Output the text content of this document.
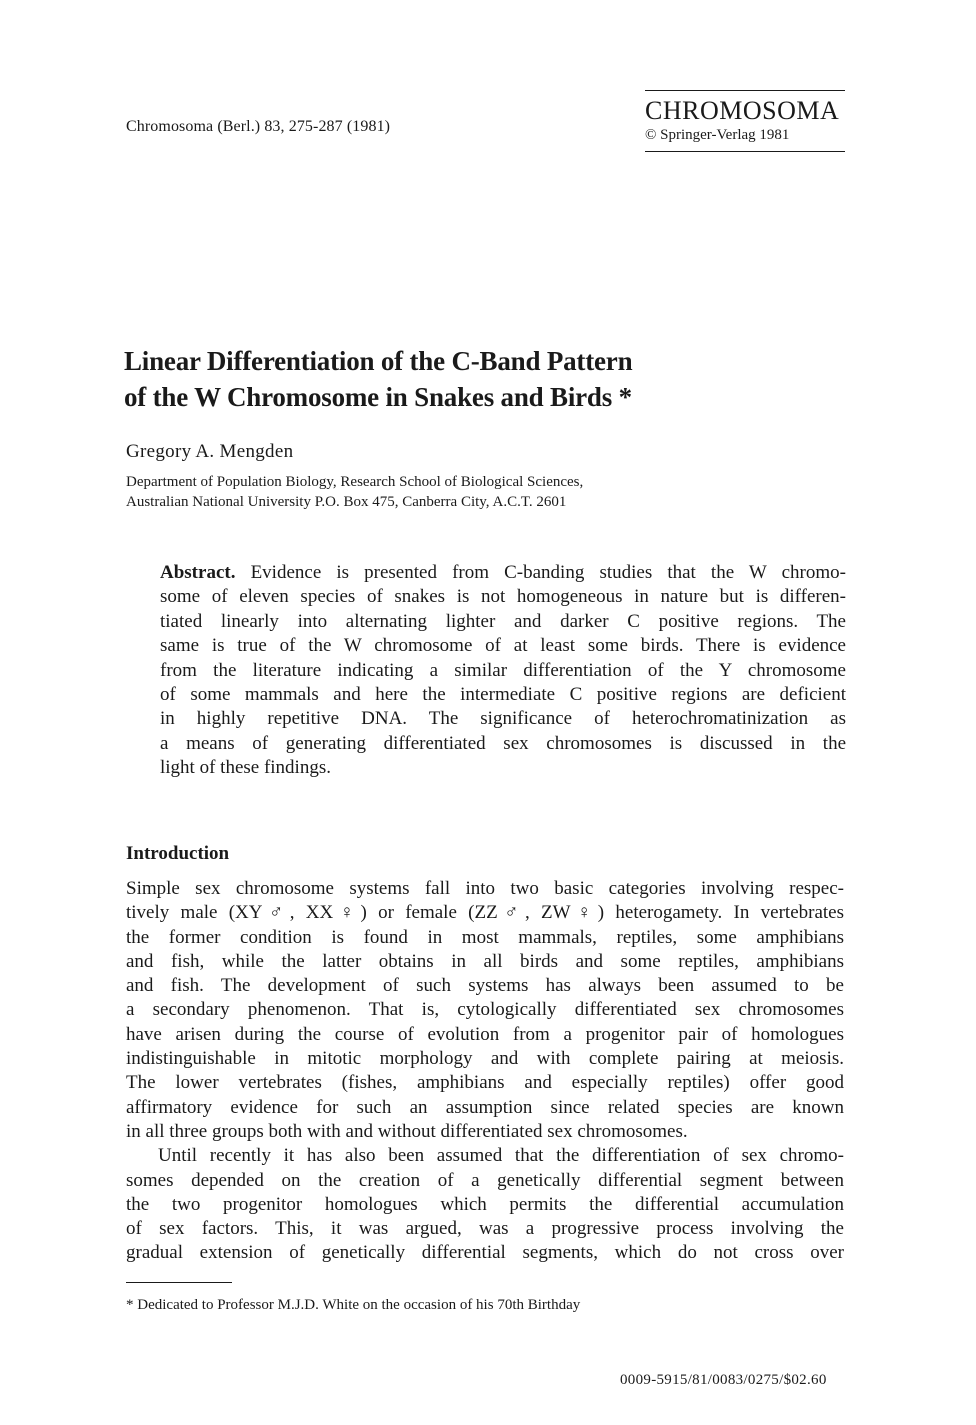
Chromosoma (Berl.) 83, 275-287 (1981)
CHROMOSOMA
© Springer-Verlag 1981
Linear Differentiation of the C-Band Pattern
of the W Chromosome in Snakes and Birds *
Gregory A. Mengden
Department of Population Biology, Research School of Biological Sciences,
Australian National University P.O. Box 475, Canberra City, A.C.T. 2601
Abstract. Evidence is presented from C-banding studies that the W chromo-
some of eleven species of snakes is not homogeneous in nature but is differen-
tiated linearly into alternating lighter and darker C positive regions. The
same is true of the W chromosome of at least some birds. There is evidence
from the literature indicating a similar differentiation of the Y chromosome
of some mammals and here the intermediate C positive regions are deficient
in highly repetitive DNA. The significance of heterochromatinization as
a means of generating differentiated sex chromosomes is discussed in the
light of these findings.
Introduction
Simple sex chromosome systems fall into two basic categories involving respec-
tively male (XY♂, XX♀) or female (ZZ♂, ZW♀) heterogamety. In vertebrates
the former condition is found in most mammals, reptiles, some amphibians
and fish, while the latter obtains in all birds and some reptiles, amphibians
and fish. The development of such systems has always been assumed to be
a secondary phenomenon. That is, cytologically differentiated sex chromosomes
have arisen during the course of evolution from a progenitor pair of homologues
indistinguishable in mitotic morphology and with complete pairing at meiosis.
The lower vertebrates (fishes, amphibians and especially reptiles) offer good
affirmatory evidence for such an assumption since related species are known
in all three groups both with and without differentiated sex chromosomes.
Until recently it has also been assumed that the differentiation of sex chromo-
somes depended on the creation of a genetically differential segment between
the two progenitor homologues which permits the differential accumulation
of sex factors. This, it was argued, was a progressive process involving the
gradual extension of genetically differential segments, which do not cross over
* Dedicated to Professor M.J.D. White on the occasion of his 70th Birthday
0009-5915/81/0083/0275/$02.60
